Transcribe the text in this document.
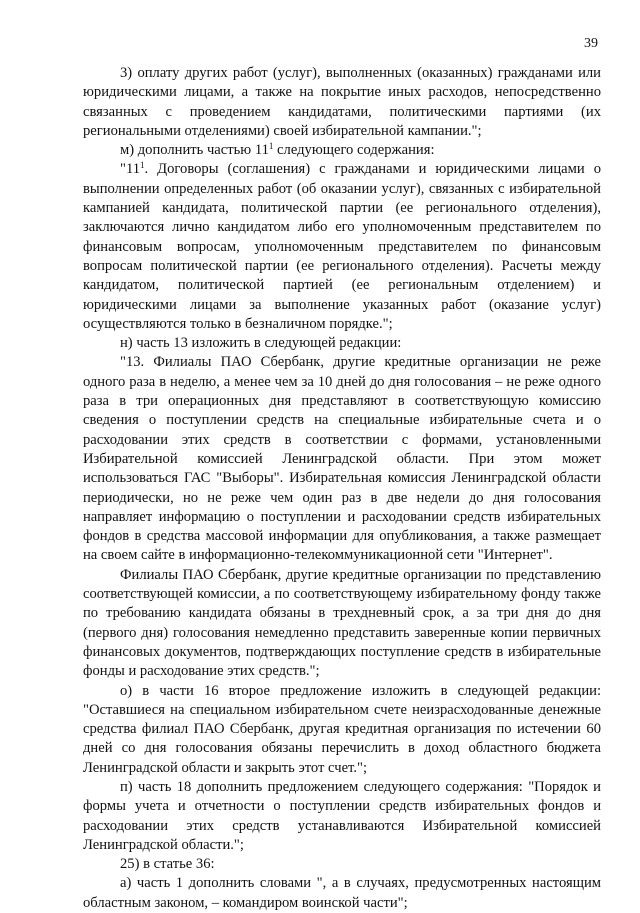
39

3) оплату других работ (услуг), выполненных (оказанных) гражданами или юридическими лицами, а также на покрытие иных расходов, непосредственно связанных с проведением кандидатами, политическими партиями (их региональными отделениями) своей избирательной кампании.";

м) дополнить частью $11^1$ следующего содержания:

"$11^1$. Договоры (соглашения) с гражданами и юридическими лицами о выполнении определенных работ (об оказании услуг), связанных с избирательной кампанией кандидата, политической партии (ее регионального отделения), заключаются лично кандидатом либо его уполномоченным представителем по финансовым вопросам, уполномоченным представителем по финансовым вопросам политической партии (ее регионального отделения). Расчеты между кандидатом, политической партией (ее региональным отделением) и юридическими лицами за выполнение указанных работ (оказание услуг) осуществляются только в безналичном порядке.";

н) часть 13 изложить в следующей редакции:

"13. Филиалы ПАО Сбербанк, другие кредитные организации не реже одного раза в неделю, а менее чем за 10 дней до дня голосования – не реже одного раза в три операционных дня представляют в соответствующую комиссию сведения о поступлении средств на специальные избирательные счета и о расходовании этих средств в соответствии с формами, установленными Избирательной комиссией Ленинградской области. При этом может использоваться ГАС "Выборы". Избирательная комиссия Ленинградской области периодически, но не реже чем один раз в две недели до дня голосования направляет информацию о поступлении и расходовании средств избирательных фондов в средства массовой информации для опубликования, а также размещает на своем сайте в информационно-телекоммуникационной сети "Интернет".

Филиалы ПАО Сбербанк, другие кредитные организации по представлению соответствующей комиссии, а по соответствующему избирательному фонду также по требованию кандидата обязаны в трехдневный срок, а за три дня до дня (первого дня) голосования немедленно представить заверенные копии первичных финансовых документов, подтверждающих поступление средств в избирательные фонды и расходование этих средств.";

о) в части 16 второе предложение изложить в следующей редакции: "Оставшиеся на специальном избирательном счете неизрасходованные денежные средства филиал ПАО Сбербанк, другая кредитная организация по истечении 60 дней со дня голосования обязаны перечислить в доход областного бюджета Ленинградской области и закрыть этот счет.";

п) часть 18 дополнить предложением следующего содержания: "Порядок и формы учета и отчетности о поступлении средств избирательных фондов и расходовании этих средств устанавливаются Избирательной комиссией Ленинградской области.";

25) в статье 36:

а) часть 1 дополнить словами ", а в случаях, предусмотренных настоящим областным законом, – командиром воинской части";
